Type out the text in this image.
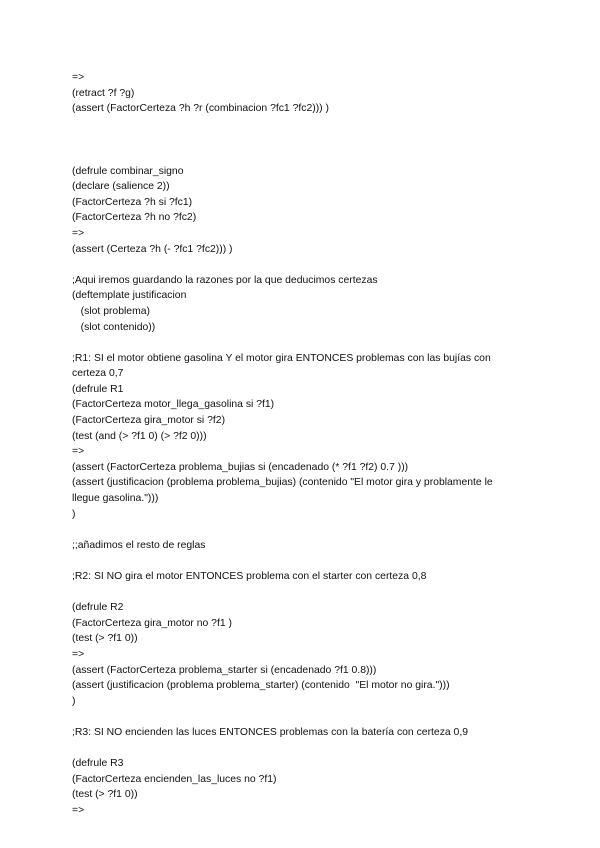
=>
(retract ?f ?g)
(assert (FactorCerteza ?h ?r (combinacion ?fc1 ?fc2))) )
(defrule combinar_signo
(declare (salience 2))
(FactorCerteza ?h si ?fc1)
(FactorCerteza ?h no ?fc2)
=>
(assert (Certeza ?h (- ?fc1 ?fc2))) )
;Aqui iremos guardando la razones por la que deducimos certezas
(deftemplate justificacion
(slot problema)
(slot contenido))
;R1: SI el motor obtiene gasolina Y el motor gira ENTONCES problemas con las bujías con
certeza 0,7
(defrule R1
(FactorCerteza motor_llega_gasolina si ?f1)
(FactorCerteza gira_motor si ?f2)
(test (and (> ?f1 0) (> ?f2 0)))
=>
(assert (FactorCerteza problema_bujias si (encadenado (* ?f1 ?f2) 0.7 )))
(assert (justificacion (problema problema_bujias) (contenido "El motor gira y problamente le
llegue gasolina.")))
)
;;añadimos el resto de reglas
;R2: SI NO gira el motor ENTONCES problema con el starter con certeza 0,8
(defrule R2
(FactorCerteza gira_motor no ?f1 )
(test (> ?f1 0))
=>
(assert (FactorCerteza problema_starter si (encadenado ?f1 0.8)))
(assert (justificacion (problema problema_starter) (contenido  "El motor no gira.")))
)
;R3: SI NO encienden las luces ENTONCES problemas con la batería con certeza 0,9
(defrule R3
(FactorCerteza encienden_las_luces no ?f1)
(test (> ?f1 0))
=>
